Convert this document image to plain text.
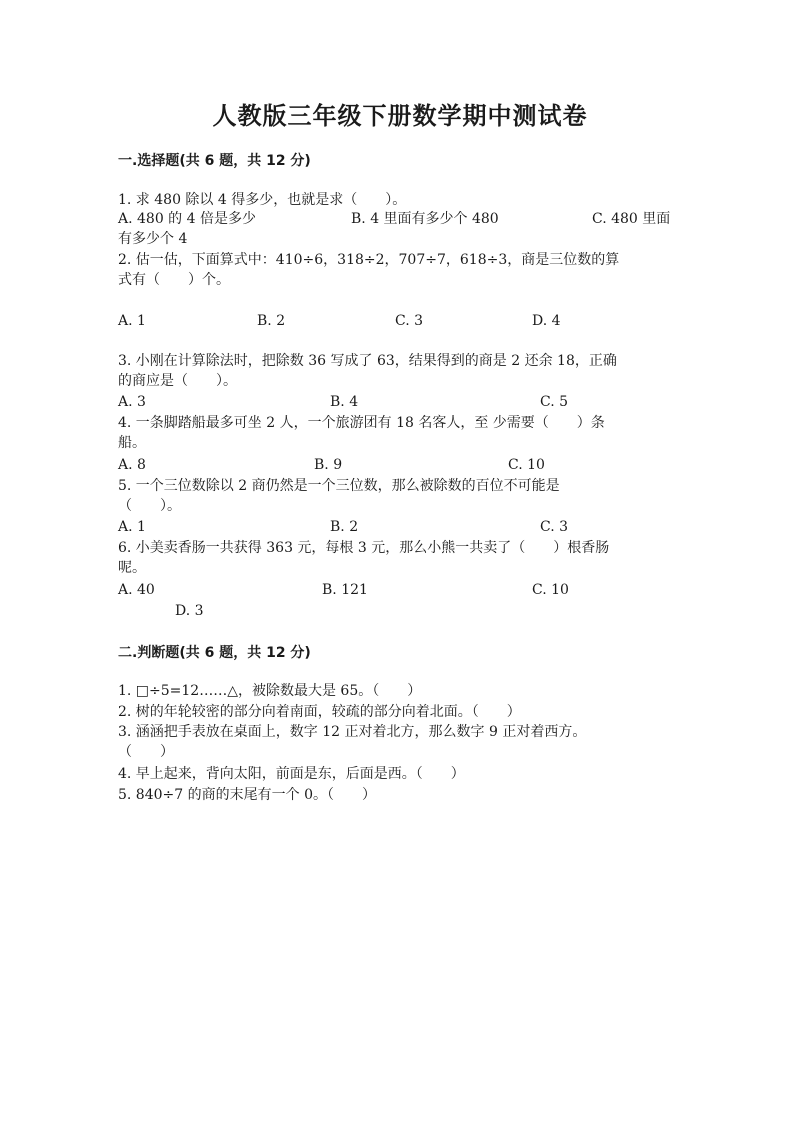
人教版三年级下册数学期中测试卷
一.选择题(共 6 题，共 12 分)
1. 求 480 除以 4 得多少，也就是求（　　）。
A. 480 的 4 倍是多少	B. 4 里面有多少个 480	C. 480 里面
有多少个 4
2. 估一估，下面算式中：410÷6，318÷2，707÷7，618÷3，商是三位数的算
式有（　　）个。
A. 1	B. 2	C. 3	D. 4
3. 小刚在计算除法时，把除数 36 写成了 63，结果得到的商是 2 还余 18，正确
的商应是（　　）。
A. 3	B. 4	C. 5
4. 一条脚踏船最多可坐 2 人，一个旅游团有 18 名客人，至 少需要（　　）条
船。
A. 8	B. 9	C. 10
5. 一个三位数除以 2 商仍然是一个三位数，那么被除数的百位不可能是
（　　）。
A. 1	B. 2	C. 3
6. 小美卖香肠一共获得 363 元，每根 3 元，那么小熊一共卖了（　　）根香肠
呢。
A. 40	B. 121	C. 10
D. 3
二.判断题(共 6 题，共 12 分)
1. □÷5=12……△，被除数最大是 65。（　　）
2. 树的年轮较密的部分向着南面，较疏的部分向着北面。（　　）
3. 涵涵把手表放在桌面上，数字 12 正对着北方，那么数字 9 正对着西方。
（　　）
4. 早上起来，背向太阳，前面是东，后面是西。（　　）
5. 840÷7 的商的末尾有一个 0。（　　）
